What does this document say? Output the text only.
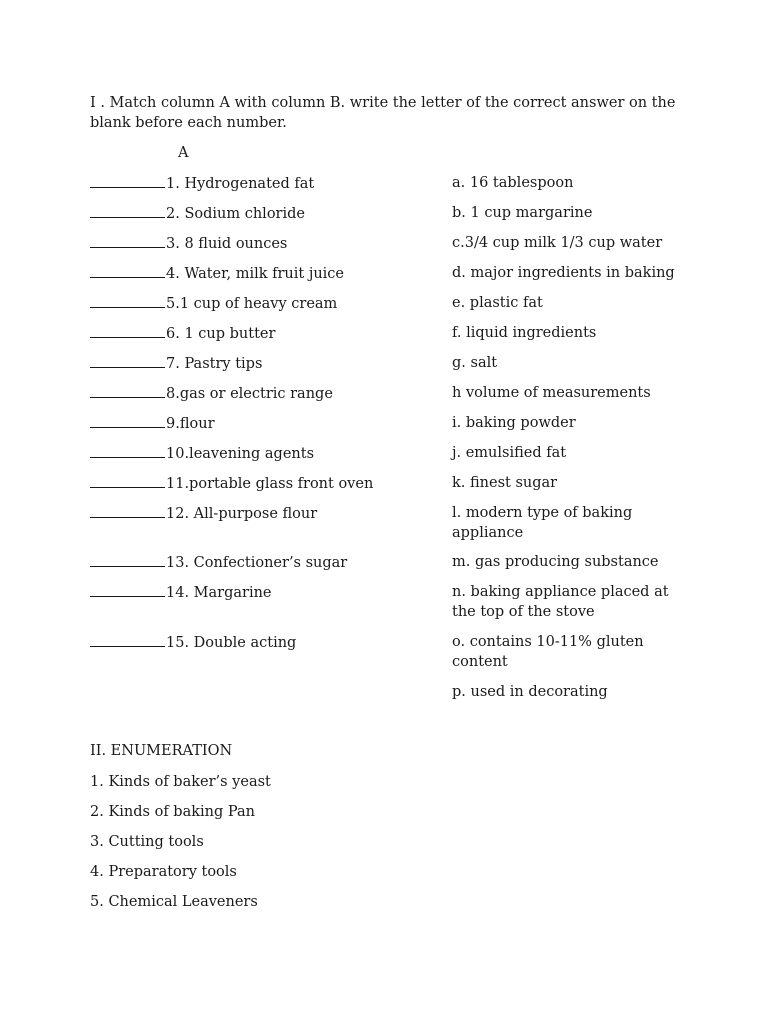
I . Match column A with column B. write the letter of the correct answer on the blank before each number.
A
1. Hydrogenated fat
2. Sodium chloride
3. 8 fluid ounces
4. Water, milk fruit juice
5.1 cup of heavy cream
6. 1 cup butter
7. Pastry tips
8.gas or electric range
9.flour
10.leavening agents
11.portable glass front oven
12. All-purpose flour
13. Confectioner’s sugar
14. Margarine
15. Double acting
a. 16 tablespoon
b. 1 cup margarine
c.3/4 cup milk 1/3 cup water
d. major ingredients in baking
e. plastic fat
f. liquid ingredients
g. salt
h volume of measurements
i. baking powder
j. emulsified fat
k. finest sugar
l. modern type of baking appliance
m. gas producing substance
n. baking appliance placed at the top of the stove
o. contains 10-11% gluten content
p. used in decorating
II. ENUMERATION
1. Kinds of baker’s yeast
2. Kinds of baking Pan
3. Cutting tools
4. Preparatory tools
5. Chemical Leaveners
